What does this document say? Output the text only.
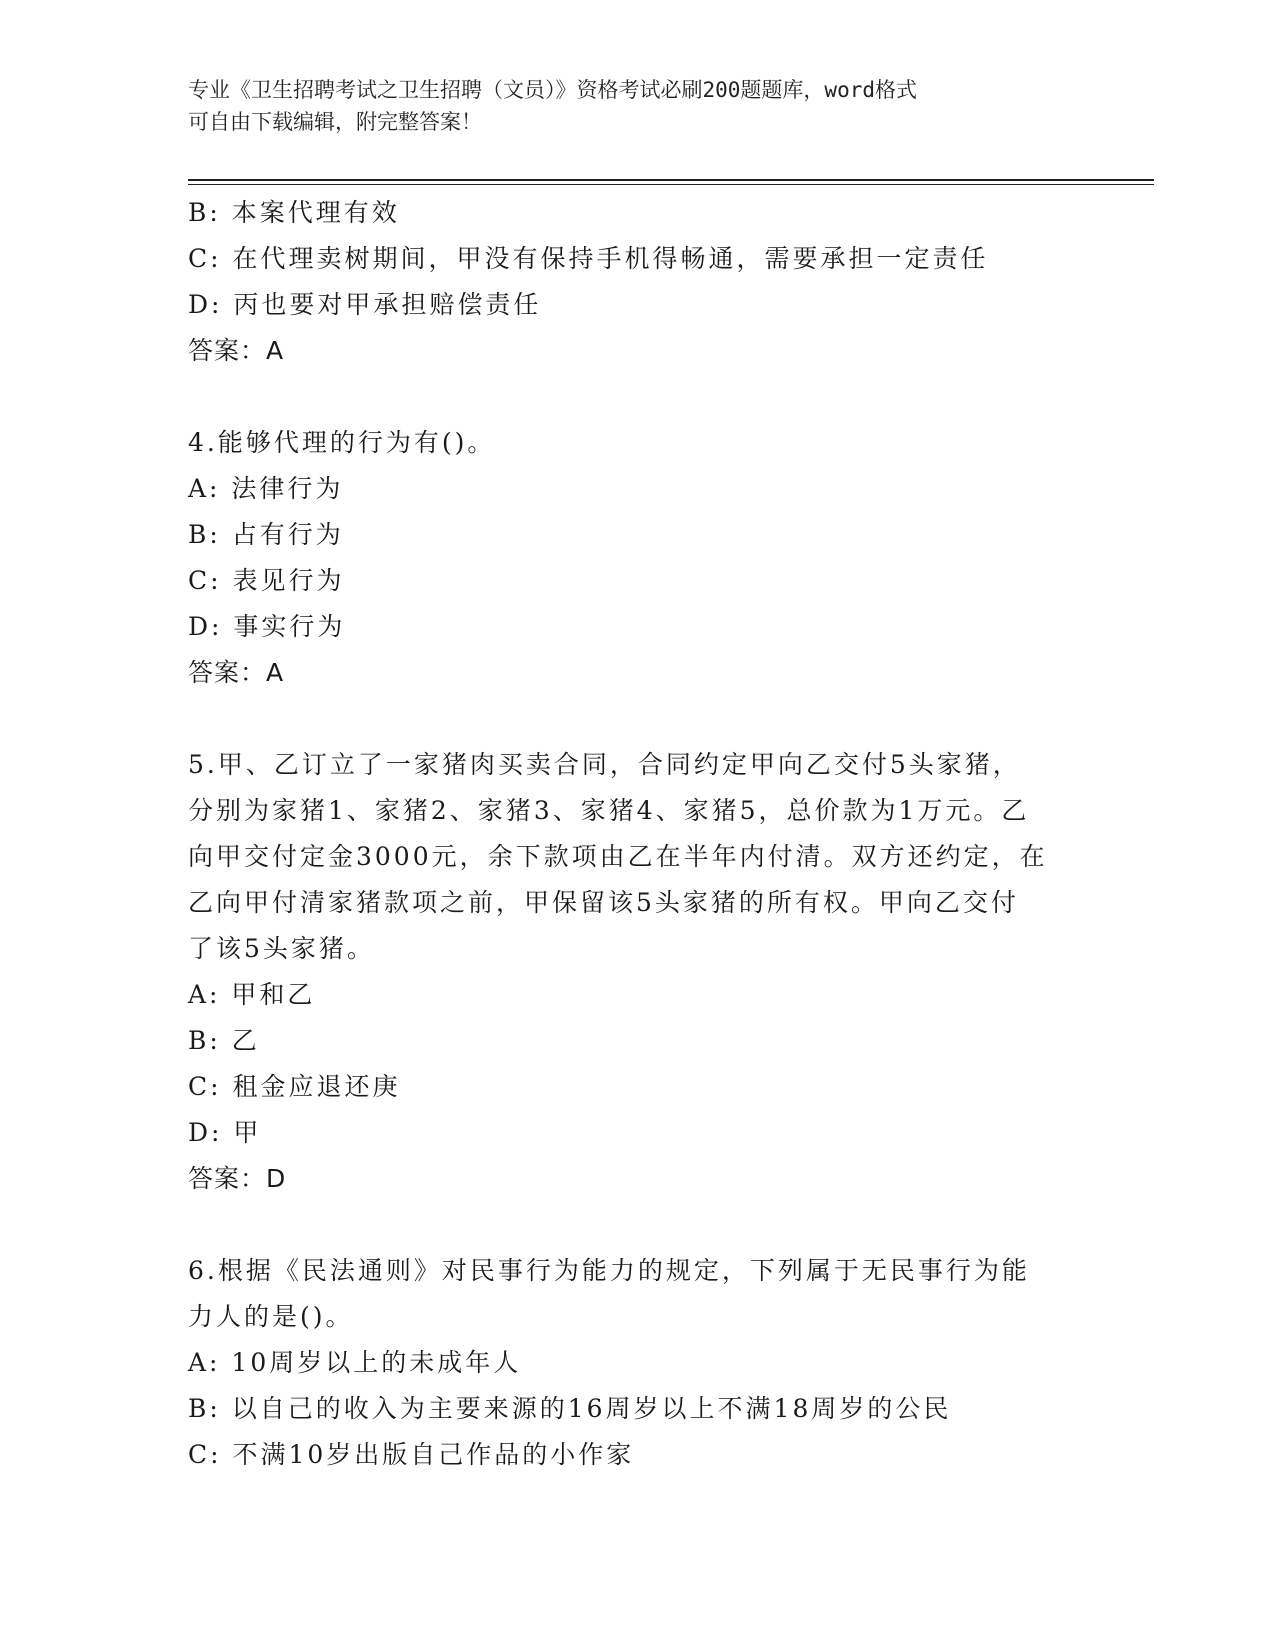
专业《卫生招聘考试之卫生招聘（文员）》资格考试必刷200题题库，word格式
可自由下载编辑，附完整答案！

B: 本案代理有效

C: 在代理卖树期间，甲没有保持手机得畅通，需要承担一定责任

D: 丙也要对甲承担赔偿责任

答案：A

4.能够代理的行为有()。

A: 法律行为

B: 占有行为

C: 表见行为

D: 事实行为

答案：A

5.甲、乙订立了一家猪肉买卖合同，合同约定甲向乙交付5头家猪，

分别为家猪1、家猪2、家猪3、家猪4、家猪5，总价款为1万元。乙

向甲交付定金3000元，余下款项由乙在半年内付清。双方还约定，在

乙向甲付清家猪款项之前，甲保留该5头家猪的所有权。甲向乙交付

了该5头家猪。

A: 甲和乙

B: 乙

C: 租金应退还庚

D: 甲

答案：D

6.根据《民法通则》对民事行为能力的规定，下列属于无民事行为能

力人的是()。

A: 10周岁以上的未成年人

B: 以自己的收入为主要来源的16周岁以上不满18周岁的公民

C: 不满10岁出版自己作品的小作家
